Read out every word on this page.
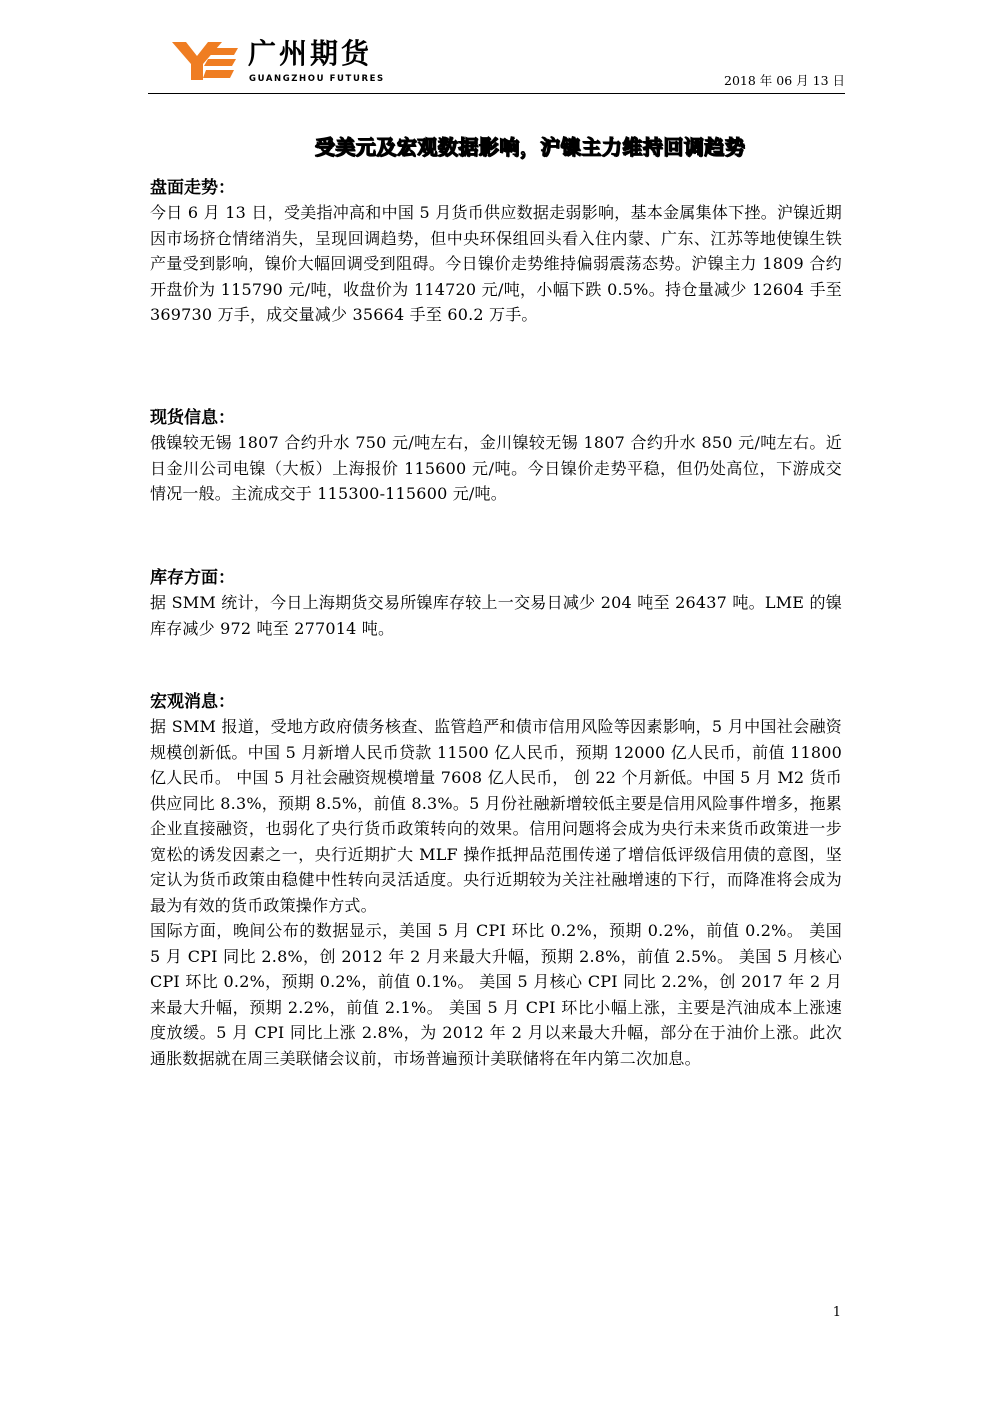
广州期货
GUANGZHOU FUTURES	2018 年 06 月 13 日
受美元及宏观数据影响，沪镍主力维持回调趋势

盘面走势：

今日 6 月 13 日，受美指冲高和中国 5 月货币供应数据走弱影响，基本金属集体下挫。沪镍近期因市场挤仓情绪消失，呈现回调趋势，但中央环保组回头看入住内蒙、广东、江苏等地使镍生铁产量受到影响，镍价大幅回调受到阻碍。今日镍价走势维持偏弱震荡态势。沪镍主力 1809 合约开盘价为 115790 元/吨，收盘价为 114720 元/吨，小幅下跌 0.5%。持仓量减少 12604 手至 369730 万手，成交量减少 35664 手至 60.2 万手。

现货信息：

俄镍较无锡 1807 合约升水 750 元/吨左右，金川镍较无锡 1807 合约升水 850 元/吨左右。近日金川公司电镍（大板）上海报价 115600 元/吨。今日镍价走势平稳，但仍处高位，下游成交情况一般。主流成交于 115300-115600 元/吨。

库存方面：

据 SMM 统计，今日上海期货交易所镍库存较上一交易日减少 204 吨至 26437 吨。LME 的镍库存减少 972 吨至 277014 吨。

宏观消息：

据 SMM 报道，受地方政府债务核查、监管趋严和债市信用风险等因素影响，5 月中国社会融资规模创新低。中国 5 月新增人民币贷款 11500 亿人民币，预期 12000 亿人民币，前值 11800 亿人民币。 中国 5 月社会融资规模增量 7608 亿人民币， 创 22 个月新低。中国 5 月 M2 货币供应同比 8.3%，预期 8.5%，前值 8.3%。5 月份社融新增较低主要是信用风险事件增多，拖累企业直接融资，也弱化了央行货币政策转向的效果。信用问题将会成为央行未来货币政策进一步宽松的诱发因素之一，央行近期扩大 MLF 操作抵押品范围传递了增信低评级信用债的意图，坚定认为货币政策由稳健中性转向灵活适度。央行近期较为关注社融增速的下行，而降准将会成为最为有效的货币政策操作方式。

国际方面，晚间公布的数据显示，美国 5 月 CPI 环比 0.2%，预期 0.2%，前值 0.2%。 美国 5 月 CPI 同比 2.8%，创 2012 年 2 月来最大升幅，预期 2.8%，前值 2.5%。 美国 5 月核心 CPI 环比 0.2%，预期 0.2%，前值 0.1%。 美国 5 月核心 CPI 同比 2.2%，创 2017 年 2 月来最大升幅，预期 2.2%，前值 2.1%。 美国 5 月 CPI 环比小幅上涨，主要是汽油成本上涨速度放缓。5 月 CPI 同比上涨 2.8%，为 2012 年 2 月以来最大升幅，部分在于油价上涨。此次通胀数据就在周三美联储会议前，市场普遍预计美联储将在年内第二次加息。

1
